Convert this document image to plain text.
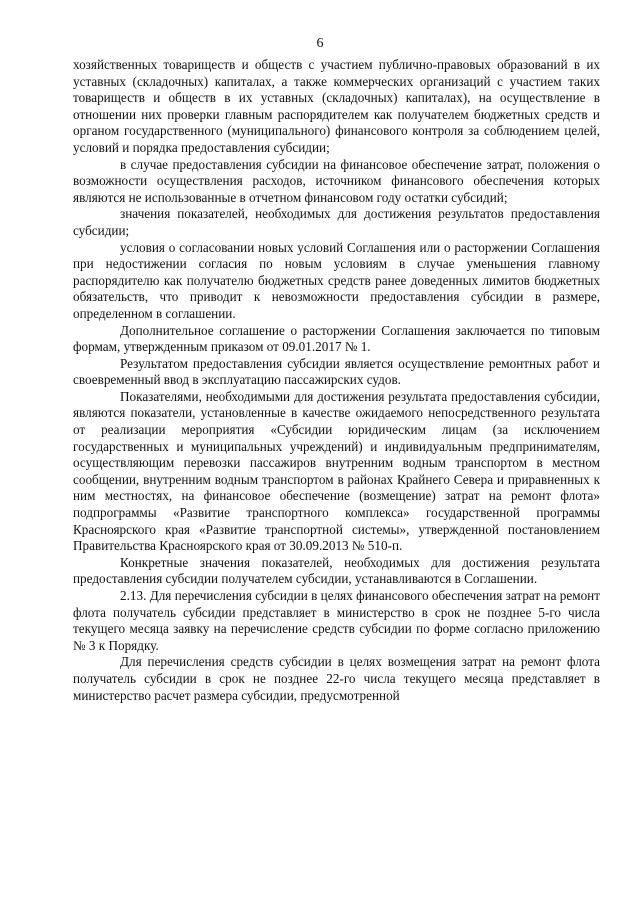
6

хозяйственных товариществ и обществ с участием публично-правовых образований в их уставных (складочных) капиталах, а также коммерческих организаций с участием таких товариществ и обществ в их уставных (складочных) капиталах), на осуществление в отношении них проверки главным распорядителем как получателем бюджетных средств и органом государственного (муниципального) финансового контроля за соблюдением целей, условий и порядка предоставления субсидии;

в случае предоставления субсидии на финансовое обеспечение затрат, положения о возможности осуществления расходов, источником финансового обеспечения которых являются не использованные в отчетном финансовом году остатки субсидий;

значения показателей, необходимых для достижения результатов предоставления субсидии;

условия о согласовании новых условий Соглашения или о расторжении Соглашения при недостижении согласия по новым условиям в случае уменьшения главному распорядителю как получателю бюджетных средств ранее доведенных лимитов бюджетных обязательств, что приводит к невозможности предоставления субсидии в размере, определенном в соглашении.

Дополнительное соглашение о расторжении Соглашения заключается по типовым формам, утвержденным приказом от 09.01.2017 № 1.

Результатом предоставления субсидии является осуществление ремонтных работ и своевременный ввод в эксплуатацию пассажирских судов.

Показателями, необходимыми для достижения результата предоставления субсидии, являются показатели, установленные в качестве ожидаемого непосредственного результата от реализации мероприятия «Субсидии юридическим лицам (за исключением государственных и муниципальных учреждений) и индивидуальным предпринимателям, осуществляющим перевозки пассажиров внутренним водным транспортом в местном сообщении, внутренним водным транспортом в районах Крайнего Севера и приравненных к ним местностях, на финансовое обеспечение (возмещение) затрат на ремонт флота» подпрограммы «Развитие транспортного комплекса» государственной программы Красноярского края «Развитие транспортной системы», утвержденной постановлением Правительства Красноярского края от 30.09.2013 № 510-п.

Конкретные значения показателей, необходимых для достижения результата предоставления субсидии получателем субсидии, устанавливаются в Соглашении.

2.13. Для перечисления субсидии в целях финансового обеспечения затрат на ремонт флота получатель субсидии представляет в министерство в срок не позднее 5-го числа текущего месяца заявку на перечисление средств субсидии по форме согласно приложению № 3 к Порядку.

Для перечисления средств субсидии в целях возмещения затрат на ремонт флота получатель субсидии в срок не позднее 22-го числа текущего месяца представляет в министерство расчет размера субсидии, предусмотренной
